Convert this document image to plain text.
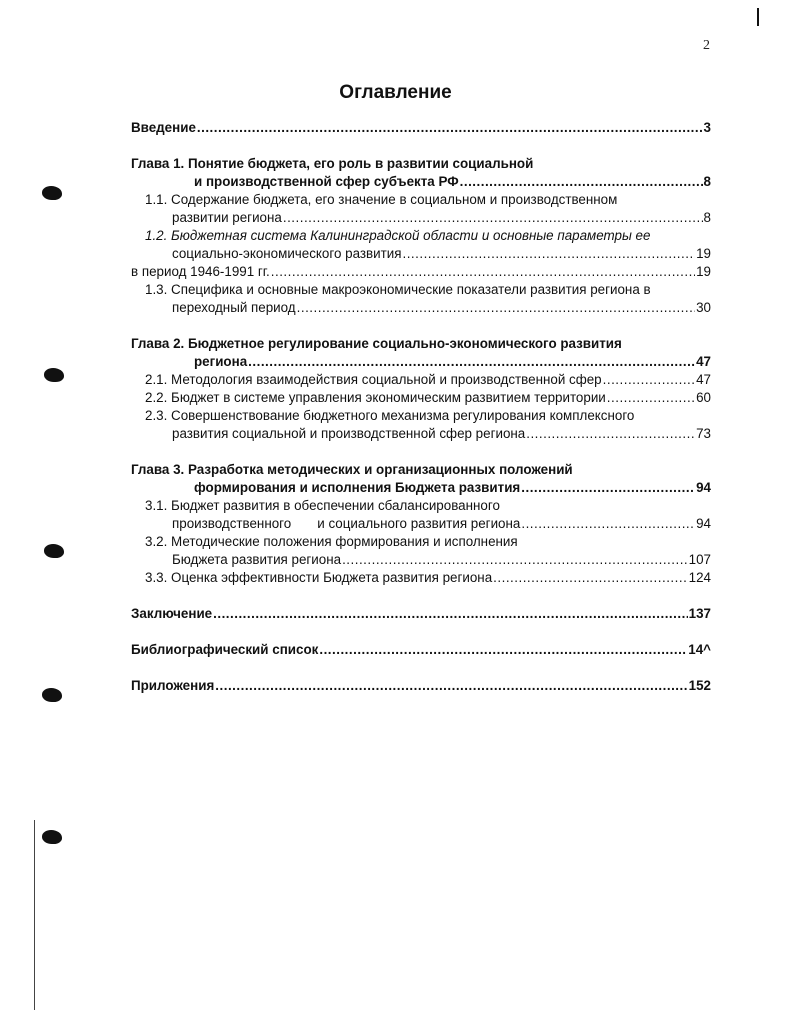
2
Оглавление
Введение .....	3
Глава 1. Понятие бюджета, его роль в развитии социальной
и производственной сфер субъекта РФ .....	8
1.1. Содержание бюджета, его значение в социальном и производственном
развитии региона .....	8
1.2. Бюджетная система Калининградской области и основные параметры ее
социально-экономического развития .....	19
в период 1946-1991 гг. .....	19
1.3. Специфика и основные макроэкономические показатели развития региона в
переходный период .....	30
Глава 2. Бюджетное регулирование социально-экономического развития
региона .....	47
2.1. Методология взаимодействия социальной и производственной сфер .....	47
2.2. Бюджет в системе управления экономическим развитием территории .....	60
2.3. Совершенствование бюджетного механизма регулирования комплексного
развития социальной и производственной сфер региона .....	73
Глава 3. Разработка методических и организационных положений
формирования и исполнения Бюджета развития .....	94
3.1. Бюджет развития в обеспечении сбалансированного
производственного       и социального развития региона .....	94
3.2. Методические положения формирования и исполнения
Бюджета развития региона .....	107
3.3. Оценка эффективности Бюджета развития региона .....	124
Заключение .....	137
Библиографический список .....	14^
Приложения .....	152
